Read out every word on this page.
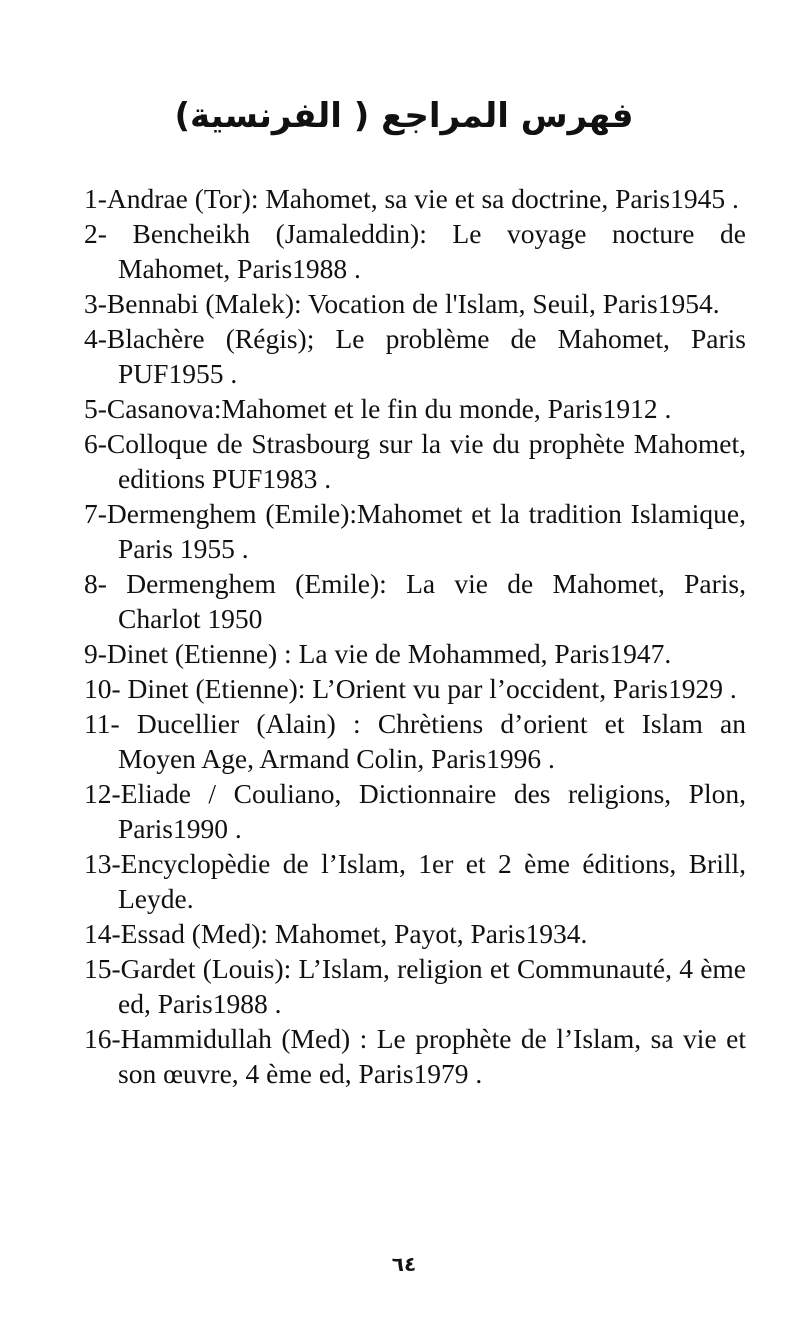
فهرس المراجع ( الفرنسية)
1-Andrae (Tor): Mahomet, sa vie et sa doctrine, Paris1945 .
2- Bencheikh (Jamaleddin): Le voyage nocture de Mahomet, Paris1988 .
3-Bennabi (Malek): Vocation de l'Islam, Seuil, Paris1954.
4-Blachère (Régis); Le problème de Mahomet, Paris PUF1955 .
5-Casanova:Mahomet et le fin du monde, Paris1912 .
6-Colloque de Strasbourg sur la vie du prophète Mahomet, editions PUF1983 .
7-Dermenghem (Emile):Mahomet et la tradition Islamique, Paris 1955 .
8- Dermenghem (Emile): La vie de Mahomet, Paris, Charlot 1950
9-Dinet (Etienne) : La vie de Mohammed, Paris1947.
10- Dinet (Etienne): L’Orient vu par l’occident, Paris1929 .
11- Ducellier (Alain) : Chrètiens d’orient et Islam an Moyen Age, Armand Colin, Paris1996 .
12-Eliade / Couliano, Dictionnaire des religions, Plon, Paris1990 .
13-Encyclopèdie de l’Islam, 1er et 2 ème éditions, Brill, Leyde.
14-Essad (Med): Mahomet, Payot, Paris1934.
15-Gardet (Louis): L’Islam, religion et Communauté, 4 ème ed, Paris1988 .
16-Hammidullah (Med) : Le prophète de l’Islam, sa vie et son œuvre, 4 ème ed, Paris1979 .
٦٤
